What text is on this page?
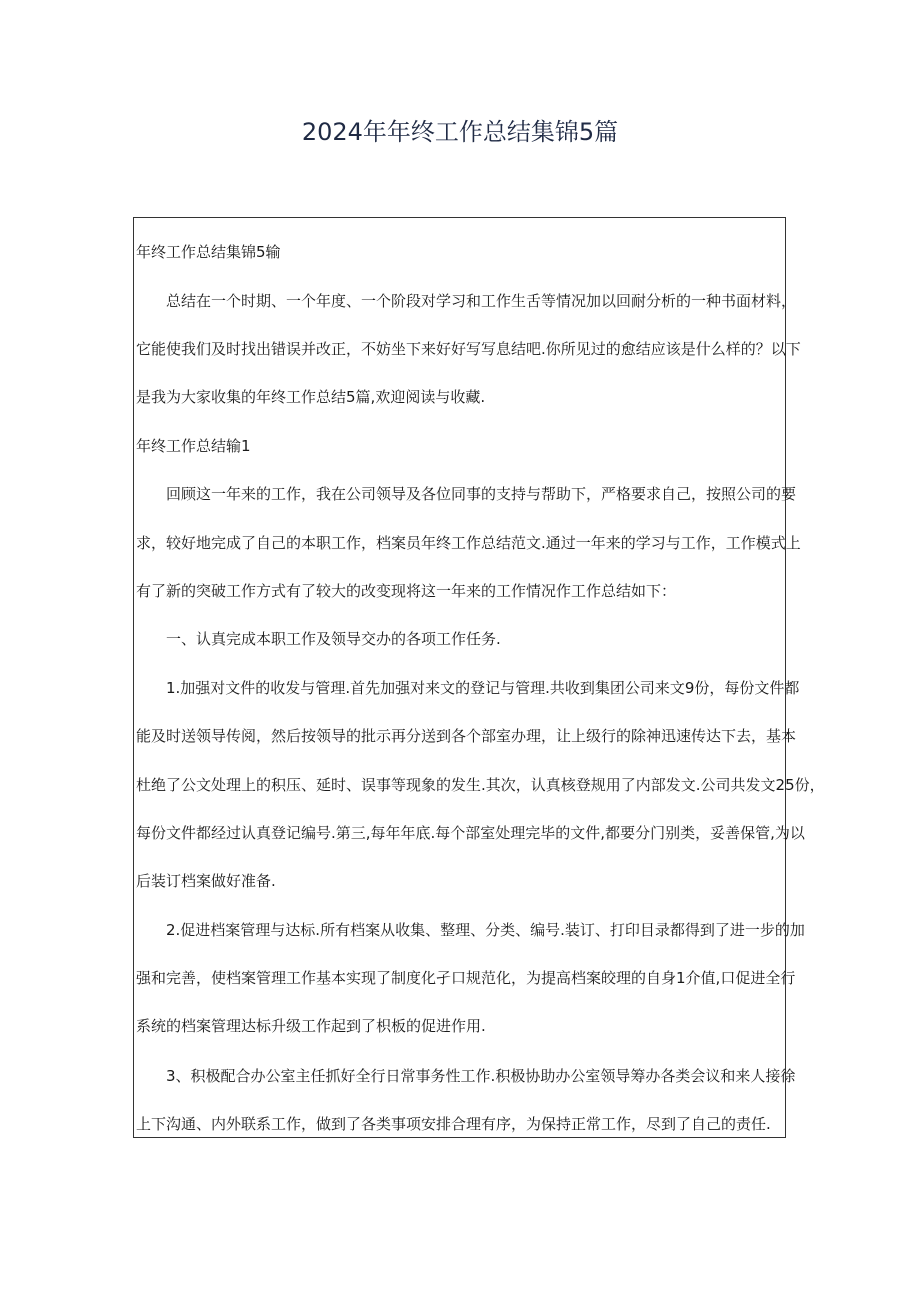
2024年年终工作总结集锦5篇
年终工作总结集锦5输
总结在一个时期、一个年度、一个阶段对学习和工作生舌等情况加以回耐分析的一种书面材料，
它能使我们及时找出错误并改正，不妨坐下来好好写写息结吧.你所见过的愈结应该是什么样的？以下
是我为大家收集的年终工作总结5篇,欢迎阅读与收藏.
年终工作总结输1
回顾这一年来的工作，我在公司领导及各位同事的支持与帮助下，严格要求自己，按照公司的要
求，较好地完成了自己的本职工作，档案员年终工作总结范文.通过一年来的学习与工作，工作模式上
有了新的突破工作方式有了较大的改变现将这一年来的工作情况作工作总结如下：
一、认真完成本职工作及领导交办的各项工作任务.
1.加强对文件的收发与管理.首先加强对来文的登记与管理.共收到集团公司来文9份，每份文件都
能及时送领导传阅，然后按领导的批示再分送到各个部室办理，让上级行的除神迅速传达下去，基本
杜绝了公文处理上的积压、延时、误事等现象的发生.其次，认真核登规用了内部发文.公司共发文25份，
每份文件都经过认真登记编号.第三,每年年底.每个部室处理完毕的文件,都要分门别类，妥善保管,为以
后装订档案做好准备.
2.促进档案管理与达标.所有档案从收集、整理、分类、编号.装订、打印目录都得到了进一步的加
强和完善，使档案管理工作基本实现了制度化孑口规范化，为提高档案皎理的自身1介值,口促进全行
系统的档案管理达标升级工作起到了枳板的促进作用.
3、积极配合办公室主任抓好全行日常事务性工作.积极协助办公室领导筹办各类会议和来人接徐
上下沟通、内外联系工作，做到了各类事项安排合理有序，为保持正常工作，尽到了自己的责任.
